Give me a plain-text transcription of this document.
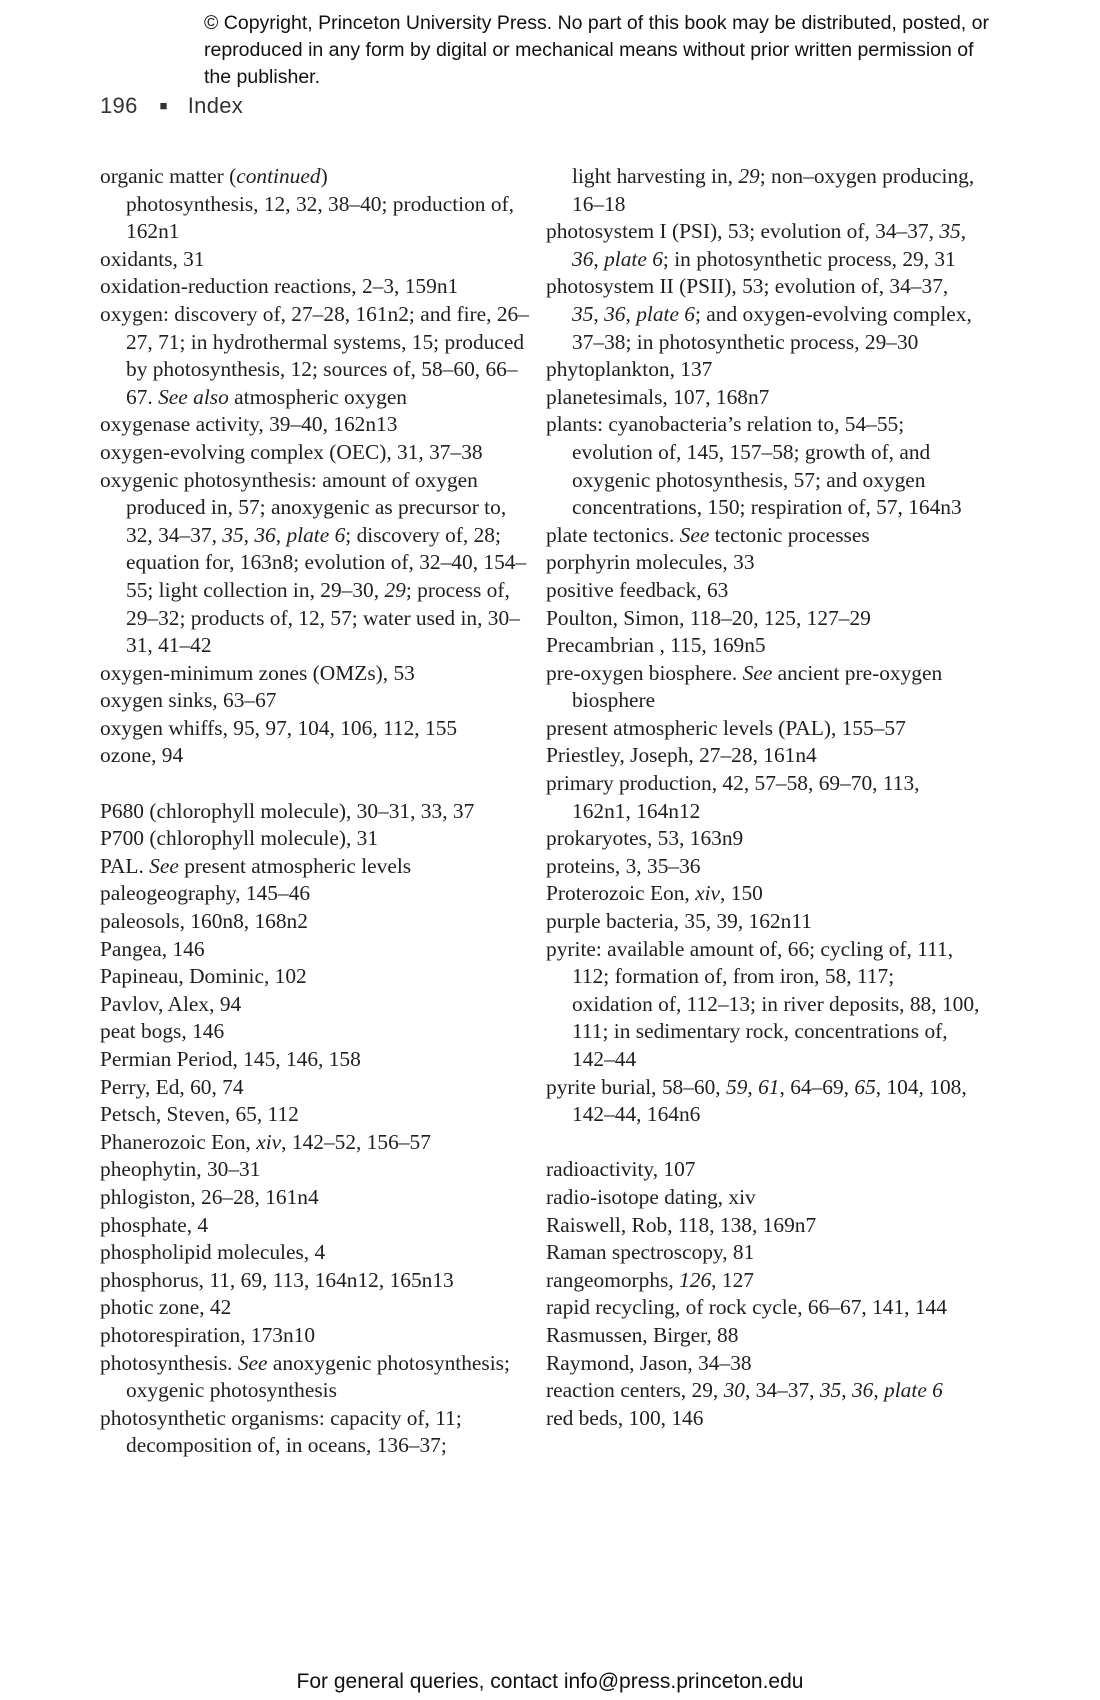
© Copyright, Princeton University Press. No part of this book may be distributed, posted, or reproduced in any form by digital or mechanical means without prior written permission of the publisher.
196 ■ Index
organic matter (continued)
photosynthesis, 12, 32, 38–40; production of, 162n1
oxidants, 31
oxidation-reduction reactions, 2–3, 159n1
oxygen: discovery of, 27–28, 161n2; and fire, 26–27, 71; in hydrothermal systems, 15; produced by photosynthesis, 12; sources of, 58–60, 66–67. See also atmospheric oxygen
oxygenase activity, 39–40, 162n13
oxygen-evolving complex (OEC), 31, 37–38
oxygenic photosynthesis: amount of oxygen produced in, 57; anoxygenic as precursor to, 32, 34–37, 35, 36, plate 6; discovery of, 28; equation for, 163n8; evolution of, 32–40, 154–55; light collection in, 29–30, 29; process of, 29–32; products of, 12, 57; water used in, 30–31, 41–42
oxygen-minimum zones (OMZs), 53
oxygen sinks, 63–67
oxygen whiffs, 95, 97, 104, 106, 112, 155
ozone, 94
P680 (chlorophyll molecule), 30–31, 33, 37
P700 (chlorophyll molecule), 31
PAL. See present atmospheric levels
paleogeography, 145–46
paleosols, 160n8, 168n2
Pangea, 146
Papineau, Dominic, 102
Pavlov, Alex, 94
peat bogs, 146
Permian Period, 145, 146, 158
Perry, Ed, 60, 74
Petsch, Steven, 65, 112
Phanerozoic Eon, xiv, 142–52, 156–57
pheophytin, 30–31
phlogiston, 26–28, 161n4
phosphate, 4
phospholipid molecules, 4
phosphorus, 11, 69, 113, 164n12, 165n13
photic zone, 42
photorespiration, 173n10
photosynthesis. See anoxygenic photosynthesis; oxygenic photosynthesis
photosynthetic organisms: capacity of, 11; decomposition of, in oceans, 136–37;
light harvesting in, 29; non–oxygen producing, 16–18
photosystem I (PSI), 53; evolution of, 34–37, 35, 36, plate 6; in photosynthetic process, 29, 31
photosystem II (PSII), 53; evolution of, 34–37, 35, 36, plate 6; and oxygen-evolving complex, 37–38; in photosynthetic process, 29–30
phytoplankton, 137
planetesimals, 107, 168n7
plants: cyanobacteria’s relation to, 54–55; evolution of, 145, 157–58; growth of, and oxygenic photosynthesis, 57; and oxygen concentrations, 150; respiration of, 57, 164n3
plate tectonics. See tectonic processes
porphyrin molecules, 33
positive feedback, 63
Poulton, Simon, 118–20, 125, 127–29
Precambrian , 115, 169n5
pre-oxygen biosphere. See ancient pre-oxygen biosphere
present atmospheric levels (PAL), 155–57
Priestley, Joseph, 27–28, 161n4
primary production, 42, 57–58, 69–70, 113, 162n1, 164n12
prokaryotes, 53, 163n9
proteins, 3, 35–36
Proterozoic Eon, xiv, 150
purple bacteria, 35, 39, 162n11
pyrite: available amount of, 66; cycling of, 111, 112; formation of, from iron, 58, 117; oxidation of, 112–13; in river deposits, 88, 100, 111; in sedimentary rock, concentrations of, 142–44
pyrite burial, 58–60, 59, 61, 64–69, 65, 104, 108, 142–44, 164n6
radioactivity, 107
radio-isotope dating, xiv
Raiswell, Rob, 118, 138, 169n7
Raman spectroscopy, 81
rangeomorphs, 126, 127
rapid recycling, of rock cycle, 66–67, 141, 144
Rasmussen, Birger, 88
Raymond, Jason, 34–38
reaction centers, 29, 30, 34–37, 35, 36, plate 6
red beds, 100, 146
For general queries, contact info@press.princeton.edu
